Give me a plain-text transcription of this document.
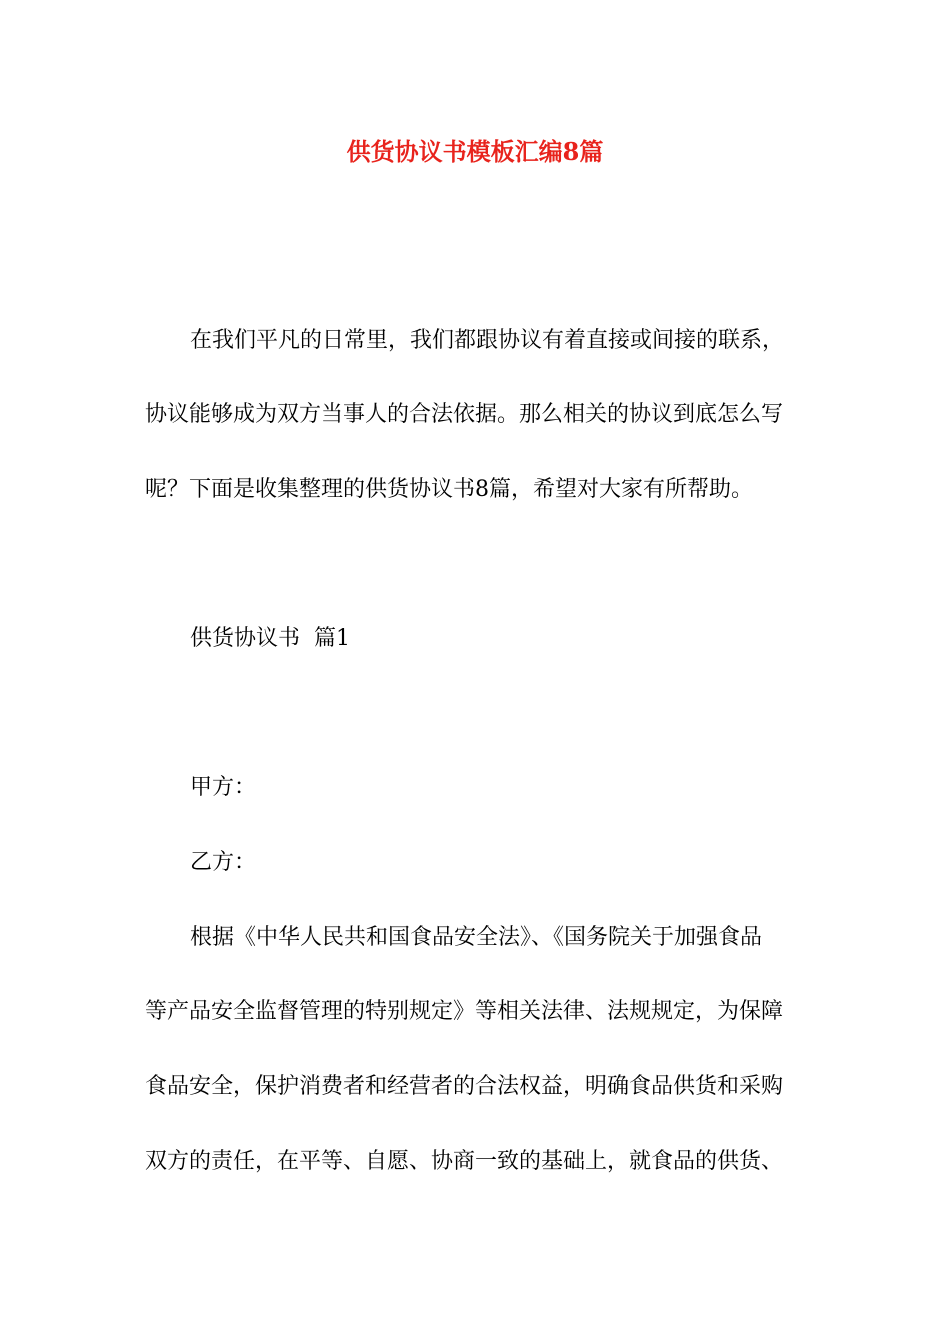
供货协议书模板汇编8篇
在我们平凡的日常里，我们都跟协议有着直接或间接的联系，
协议能够成为双方当事人的合法依据。那么相关的协议到底怎么写
呢？下面是收集整理的供货协议书8篇，希望对大家有所帮助。
供货协议书  篇1
甲方：
乙方：
根据《中华人民共和国食品安全法》、《国务院关于加强食品
等产品安全监督管理的特别规定》等相关法律、法规规定，为保障
食品安全，保护消费者和经营者的合法权益，明确食品供货和采购
双方的责任，在平等、自愿、协商一致的基础上，就食品的供货、
